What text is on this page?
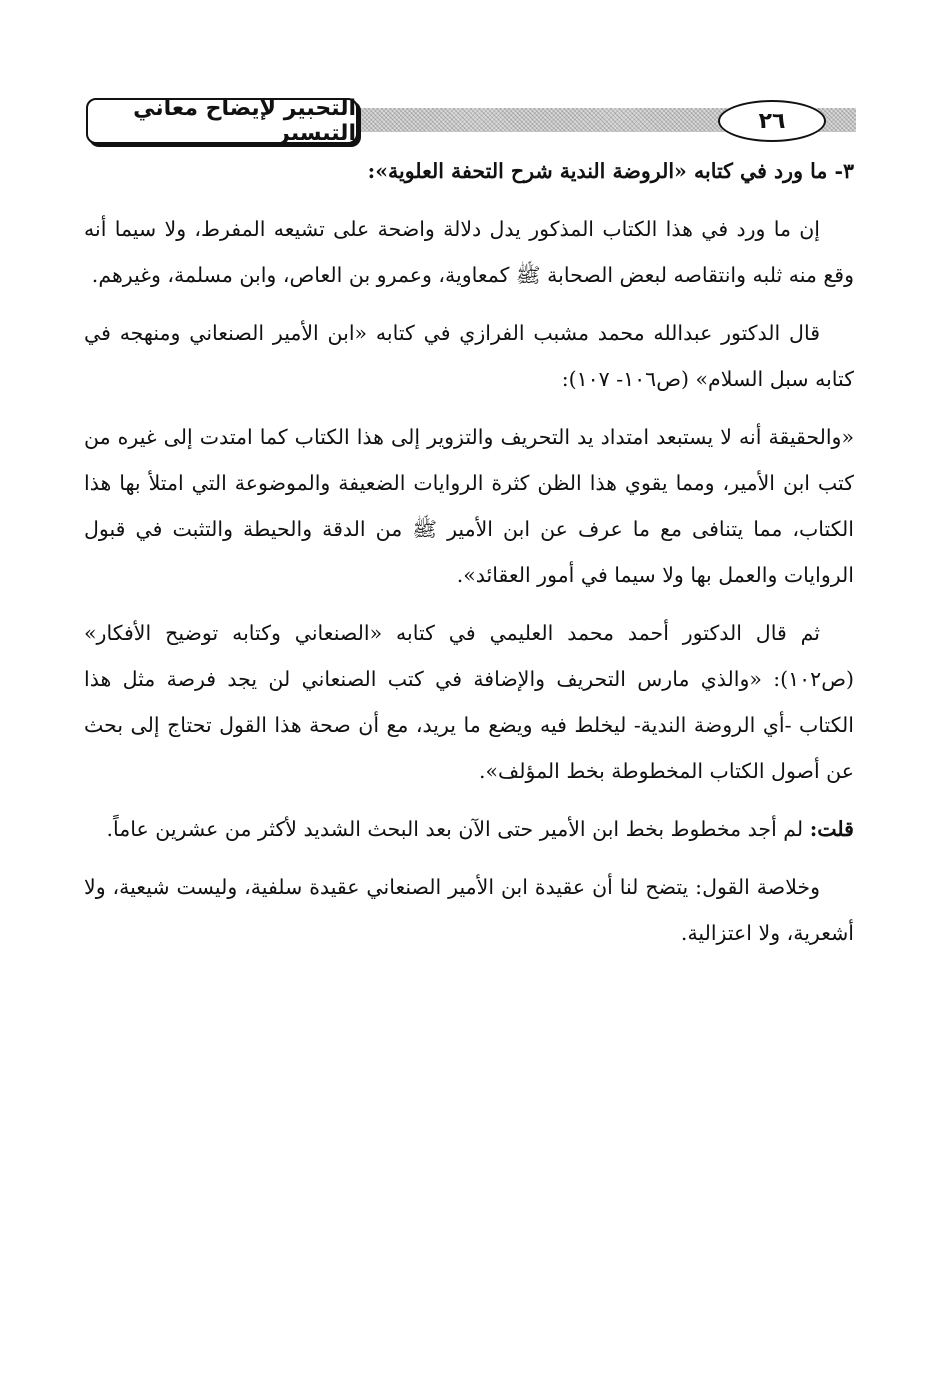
التحبير لإيضاح معاني التيسير	٢٦

٣- ما ورد في كتابه «الروضة الندية شرح التحفة العلوية»:

إن ما ورد في هذا الكتاب المذكور يدل دلالة واضحة على تشيعه المفرط، ولا سيما أنه وقع منه ثلبه وانتقاصه لبعض الصحابة ﷺ كمعاوية، وعمرو بن العاص، وابن مسلمة، وغيرهم.

قال الدكتور عبدالله محمد مشبب الفرازي في كتابه «ابن الأمير الصنعاني ومنهجه في كتابه سبل السلام» (ص١٠٦- ١٠٧):

«والحقيقة أنه لا يستبعد امتداد يد التحريف والتزوير إلى هذا الكتاب كما امتدت إلى غيره من كتب ابن الأمير، ومما يقوي هذا الظن كثرة الروايات الضعيفة والموضوعة التي امتلأ بها هذا الكتاب، مما يتنافى مع ما عرف عن ابن الأمير ﷺ من الدقة والحيطة والتثبت في قبول الروايات والعمل بها ولا سيما في أمور العقائد».

ثم قال الدكتور أحمد محمد العليمي في كتابه «الصنعاني وكتابه توضيح الأفكار» (ص١٠٢): «والذي مارس التحريف والإضافة في كتب الصنعاني لن يجد فرصة مثل هذا الكتاب -أي الروضة الندية- ليخلط فيه ويضع ما يريد، مع أن صحة هذا القول تحتاج إلى بحث عن أصول الكتاب المخطوطة بخط المؤلف».

قلت: لم أجد مخطوط بخط ابن الأمير حتى الآن بعد البحث الشديد لأكثر من عشرين عاماً.

وخلاصة القول: يتضح لنا أن عقيدة ابن الأمير الصنعاني عقيدة سلفية، وليست شيعية، ولا أشعرية، ولا اعتزالية.
